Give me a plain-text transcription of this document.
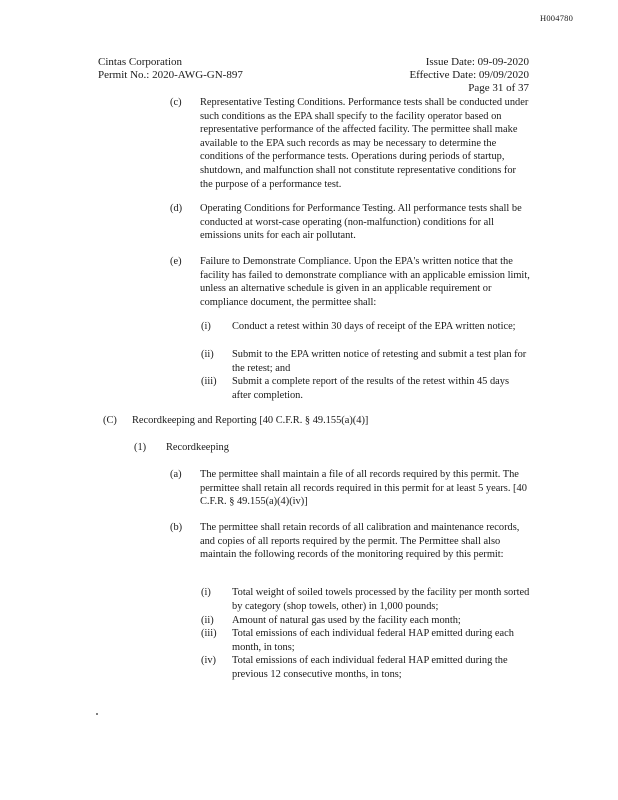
H004780
Cintas Corporation
Permit No.: 2020-AWG-GN-897
Issue Date: 09-09-2020
Effective Date: 09/09/2020
Page 31 of 37
(c) Representative Testing Conditions. Performance tests shall be conducted under such conditions as the EPA shall specify to the facility operator based on representative performance of the affected facility. The permittee shall make available to the EPA such records as may be necessary to determine the conditions of the performance tests. Operations during periods of startup, shutdown, and malfunction shall not constitute representative conditions for the purpose of a performance test.
(d) Operating Conditions for Performance Testing. All performance tests shall be conducted at worst-case operating (non-malfunction) conditions for all emissions units for each air pollutant.
(e) Failure to Demonstrate Compliance. Upon the EPA's written notice that the facility has failed to demonstrate compliance with an applicable emission limit, unless an alternative schedule is given in an applicable requirement or compliance document, the permittee shall:
(i) Conduct a retest within 30 days of receipt of the EPA written notice;
(ii) Submit to the EPA written notice of retesting and submit a test plan for the retest; and
(iii) Submit a complete report of the results of the retest within 45 days after completion.
(C) Recordkeeping and Reporting [40 C.F.R. § 49.155(a)(4)]
(1) Recordkeeping
(a) The permittee shall maintain a file of all records required by this permit. The permittee shall retain all records required in this permit for at least 5 years. [40 C.F.R. § 49.155(a)(4)(iv)]
(b) The permittee shall retain records of all calibration and maintenance records, and copies of all reports required by the permit. The Permittee shall also maintain the following records of the monitoring required by this permit:
(i) Total weight of soiled towels processed by the facility per month sorted by category (shop towels, other) in 1,000 pounds;
(ii) Amount of natural gas used by the facility each month;
(iii) Total emissions of each individual federal HAP emitted during each month, in tons;
(iv) Total emissions of each individual federal HAP emitted during the previous 12 consecutive months, in tons;
